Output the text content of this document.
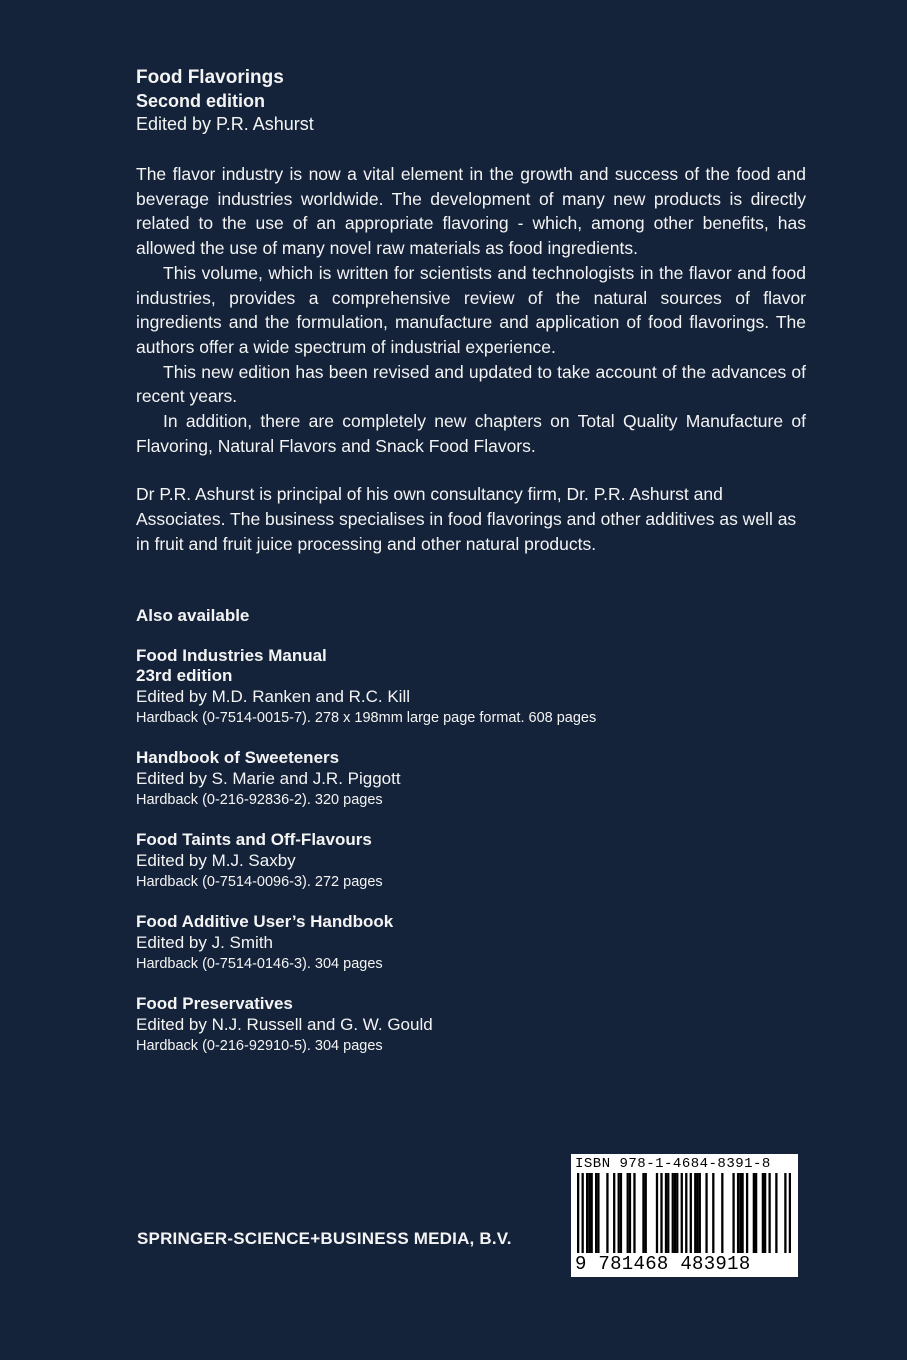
Food Flavorings
Second edition
Edited by P.R. Ashurst

The flavor industry is now a vital element in the growth and success of the food and beverage industries worldwide. The development of many new products is directly related to the use of an appropriate flavoring - which, among other benefits, has allowed the use of many novel raw materials as food ingredients.

This volume, which is written for scientists and technologists in the flavor and food industries, provides a comprehensive review of the natural sources of flavor ingredients and the formulation, manufacture and application of food flavorings. The authors offer a wide spectrum of industrial experience.

This new edition has been revised and updated to take account of the advances of recent years.

In addition, there are completely new chapters on Total Quality Manufacture of Flavoring, Natural Flavors and Snack Food Flavors.

Dr P.R. Ashurst is principal of his own consultancy firm, Dr. P.R. Ashurst and Associates. The business specialises in food flavorings and other additives as well as in fruit and fruit juice processing and other natural products.

Also available
Food Industries Manual
23rd edition
Edited by M.D. Ranken and R.C. Kill
Hardback (0-7514-0015-7). 278 x 198mm large page format. 608 pages
Handbook of Sweeteners
Edited by S. Marie and J.R. Piggott
Hardback (0-216-92836-2). 320 pages
Food Taints and Off-Flavours
Edited by M.J. Saxby
Hardback (0-7514-0096-3). 272 pages
Food Additive User’s Handbook
Edited by J. Smith
Hardback (0-7514-0146-3). 304 pages
Food Preservatives
Edited by N.J. Russell and G. W. Gould
Hardback (0-216-92910-5). 304 pages
SPRINGER-SCIENCE+BUSINESS MEDIA, B.V.
ISBN 978-1-4684-8391-8
9 781468 483918
